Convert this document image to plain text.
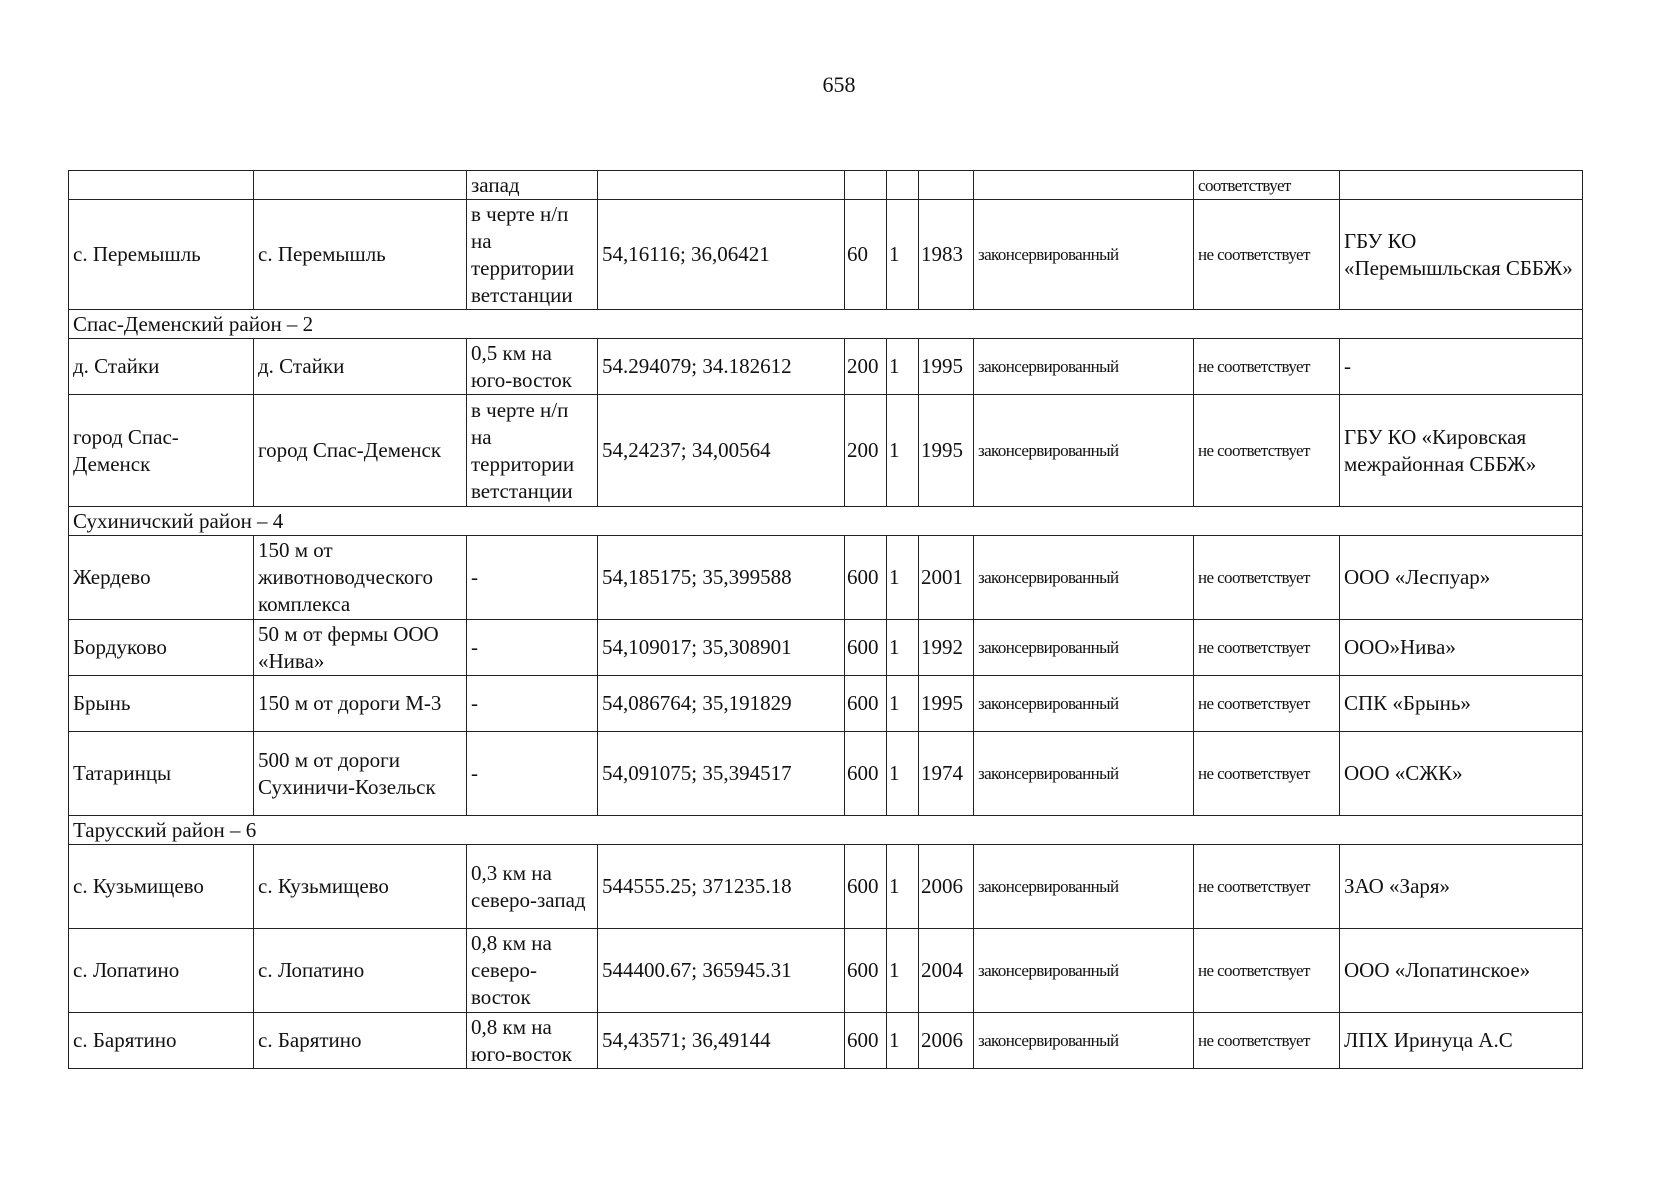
658
		запад						соответствует	
с. Перемышль	с. Перемышль	в черте н/п на территории ветстанции	54,16116; 36,06421	60	1	1983	законсервированный	не соответствует	ГБУ КО «Перемышльская СББЖ»
Спас-Деменский район – 2									
д. Стайки	д. Стайки	0,5 км на юго-восток	54.294079; 34.182612	200	1	1995	законсервированный	не соответствует	-
город Спас-Деменск	город Спас-Деменск	в черте н/п на территории ветстанции	54,24237; 34,00564	200	1	1995	законсервированный	не соответствует	ГБУ КО «Кировская межрайонная СББЖ»
Сухиничский район – 4									
Жердево	150 м от животноводческого комплекса	-	54,185175; 35,399588	600	1	2001	законсервированный	не соответствует	ООО «Леспуар»
Бордуково	50 м от фермы ООО «Нива»	-	54,109017; 35,308901	600	1	1992	законсервированный	не соответствует	ООО»Нива»
Брынь	150 м от дороги М-3	-	54,086764; 35,191829	600	1	1995	законсервированный	не соответствует	СПК «Брынь»
Татаринцы	500 м от дороги Сухиничи-Козельск	-	54,091075; 35,394517	600	1	1974	законсервированный	не соответствует	ООО «СЖК»
Тарусский район – 6									
с. Кузьмищево	с. Кузьмищево	0,3 км на северо-запад	544555.25; 371235.18	600	1	2006	законсервированный	не соответствует	ЗАО «Заря»
с. Лопатино	с. Лопатино	0,8 км на северо-восток	544400.67; 365945.31	600	1	2004	законсервированный	не соответствует	ООО «Лопатинское»
с. Барятино	с. Барятино	0,8 км на юго-восток	54,43571; 36,49144	600	1	2006	законсервированный	не соответствует	ЛПХ Иринуца А.С
